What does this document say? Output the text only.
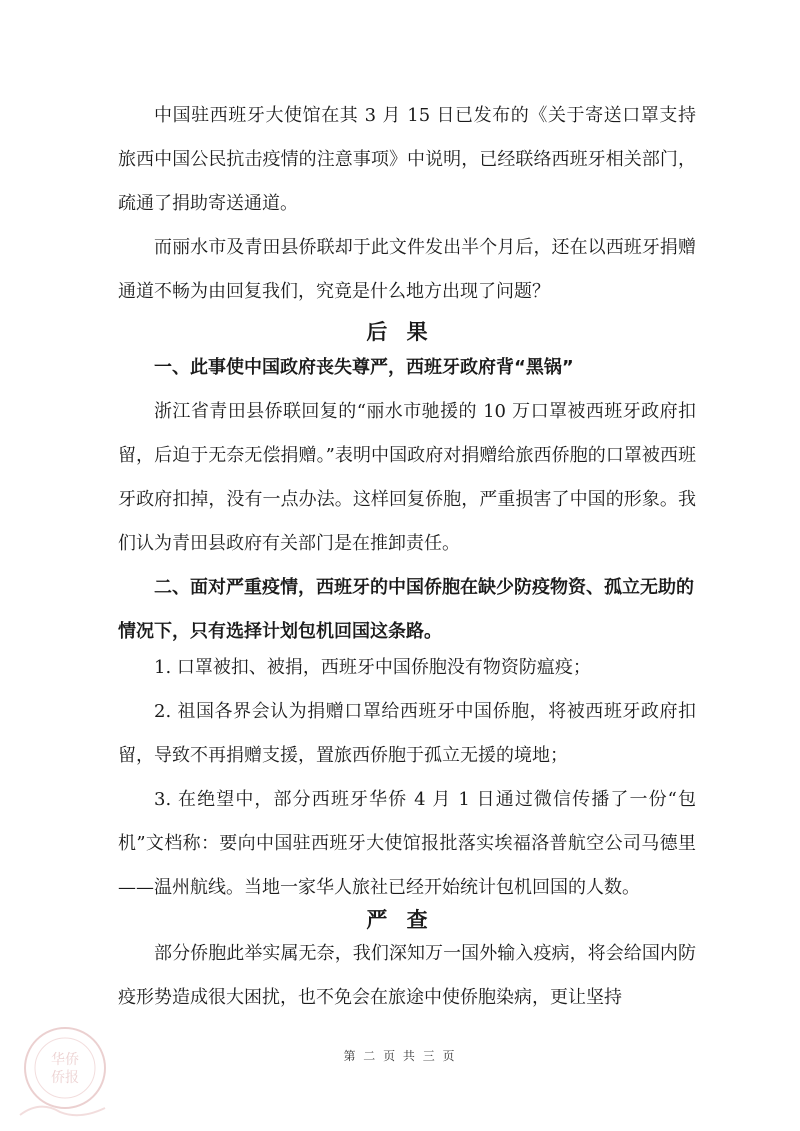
中国驻西班牙大使馆在其 3 月 15 日已发布的《关于寄送口罩支持旅西中国公民抗击疫情的注意事项》中说明，已经联络西班牙相关部门，疏通了捐助寄送通道。

而丽水市及青田县侨联却于此文件发出半个月后，还在以西班牙捐赠通道不畅为由回复我们，究竟是什么地方出现了问题？

后 果
一、此事使中国政府丧失尊严，西班牙政府背“黑锅”

浙江省青田县侨联回复的“丽水市驰援的 10 万口罩被西班牙政府扣留，后迫于无奈无偿捐赠。”表明中国政府对捐赠给旅西侨胞的口罩被西班牙政府扣掉，没有一点办法。这样回复侨胞，严重损害了中国的形象。我们认为青田县政府有关部门是在推卸责任。

二、面对严重疫情，西班牙的中国侨胞在缺少防疫物资、孤立无助的情况下，只有选择计划包机回国这条路。

1. 口罩被扣、被捐，西班牙中国侨胞没有物资防瘟疫；

2. 祖国各界会认为捐赠口罩给西班牙中国侨胞，将被西班牙政府扣留，导致不再捐赠支援，置旅西侨胞于孤立无援的境地；

3. 在绝望中，部分西班牙华侨 4 月 1 日通过微信传播了一份“包机”文档称：要向中国驻西班牙大使馆报批落实埃福洛普航空公司马德里——温州航线。当地一家华人旅社已经开始统计包机回国的人数。

严 查

部分侨胞此举实属无奈，我们深知万一国外输入疫病，将会给国内防疫形势造成很大困扰，也不免会在旅途中使侨胞染病，更让坚持

第 二 页 共 三 页
华侨
侨报
